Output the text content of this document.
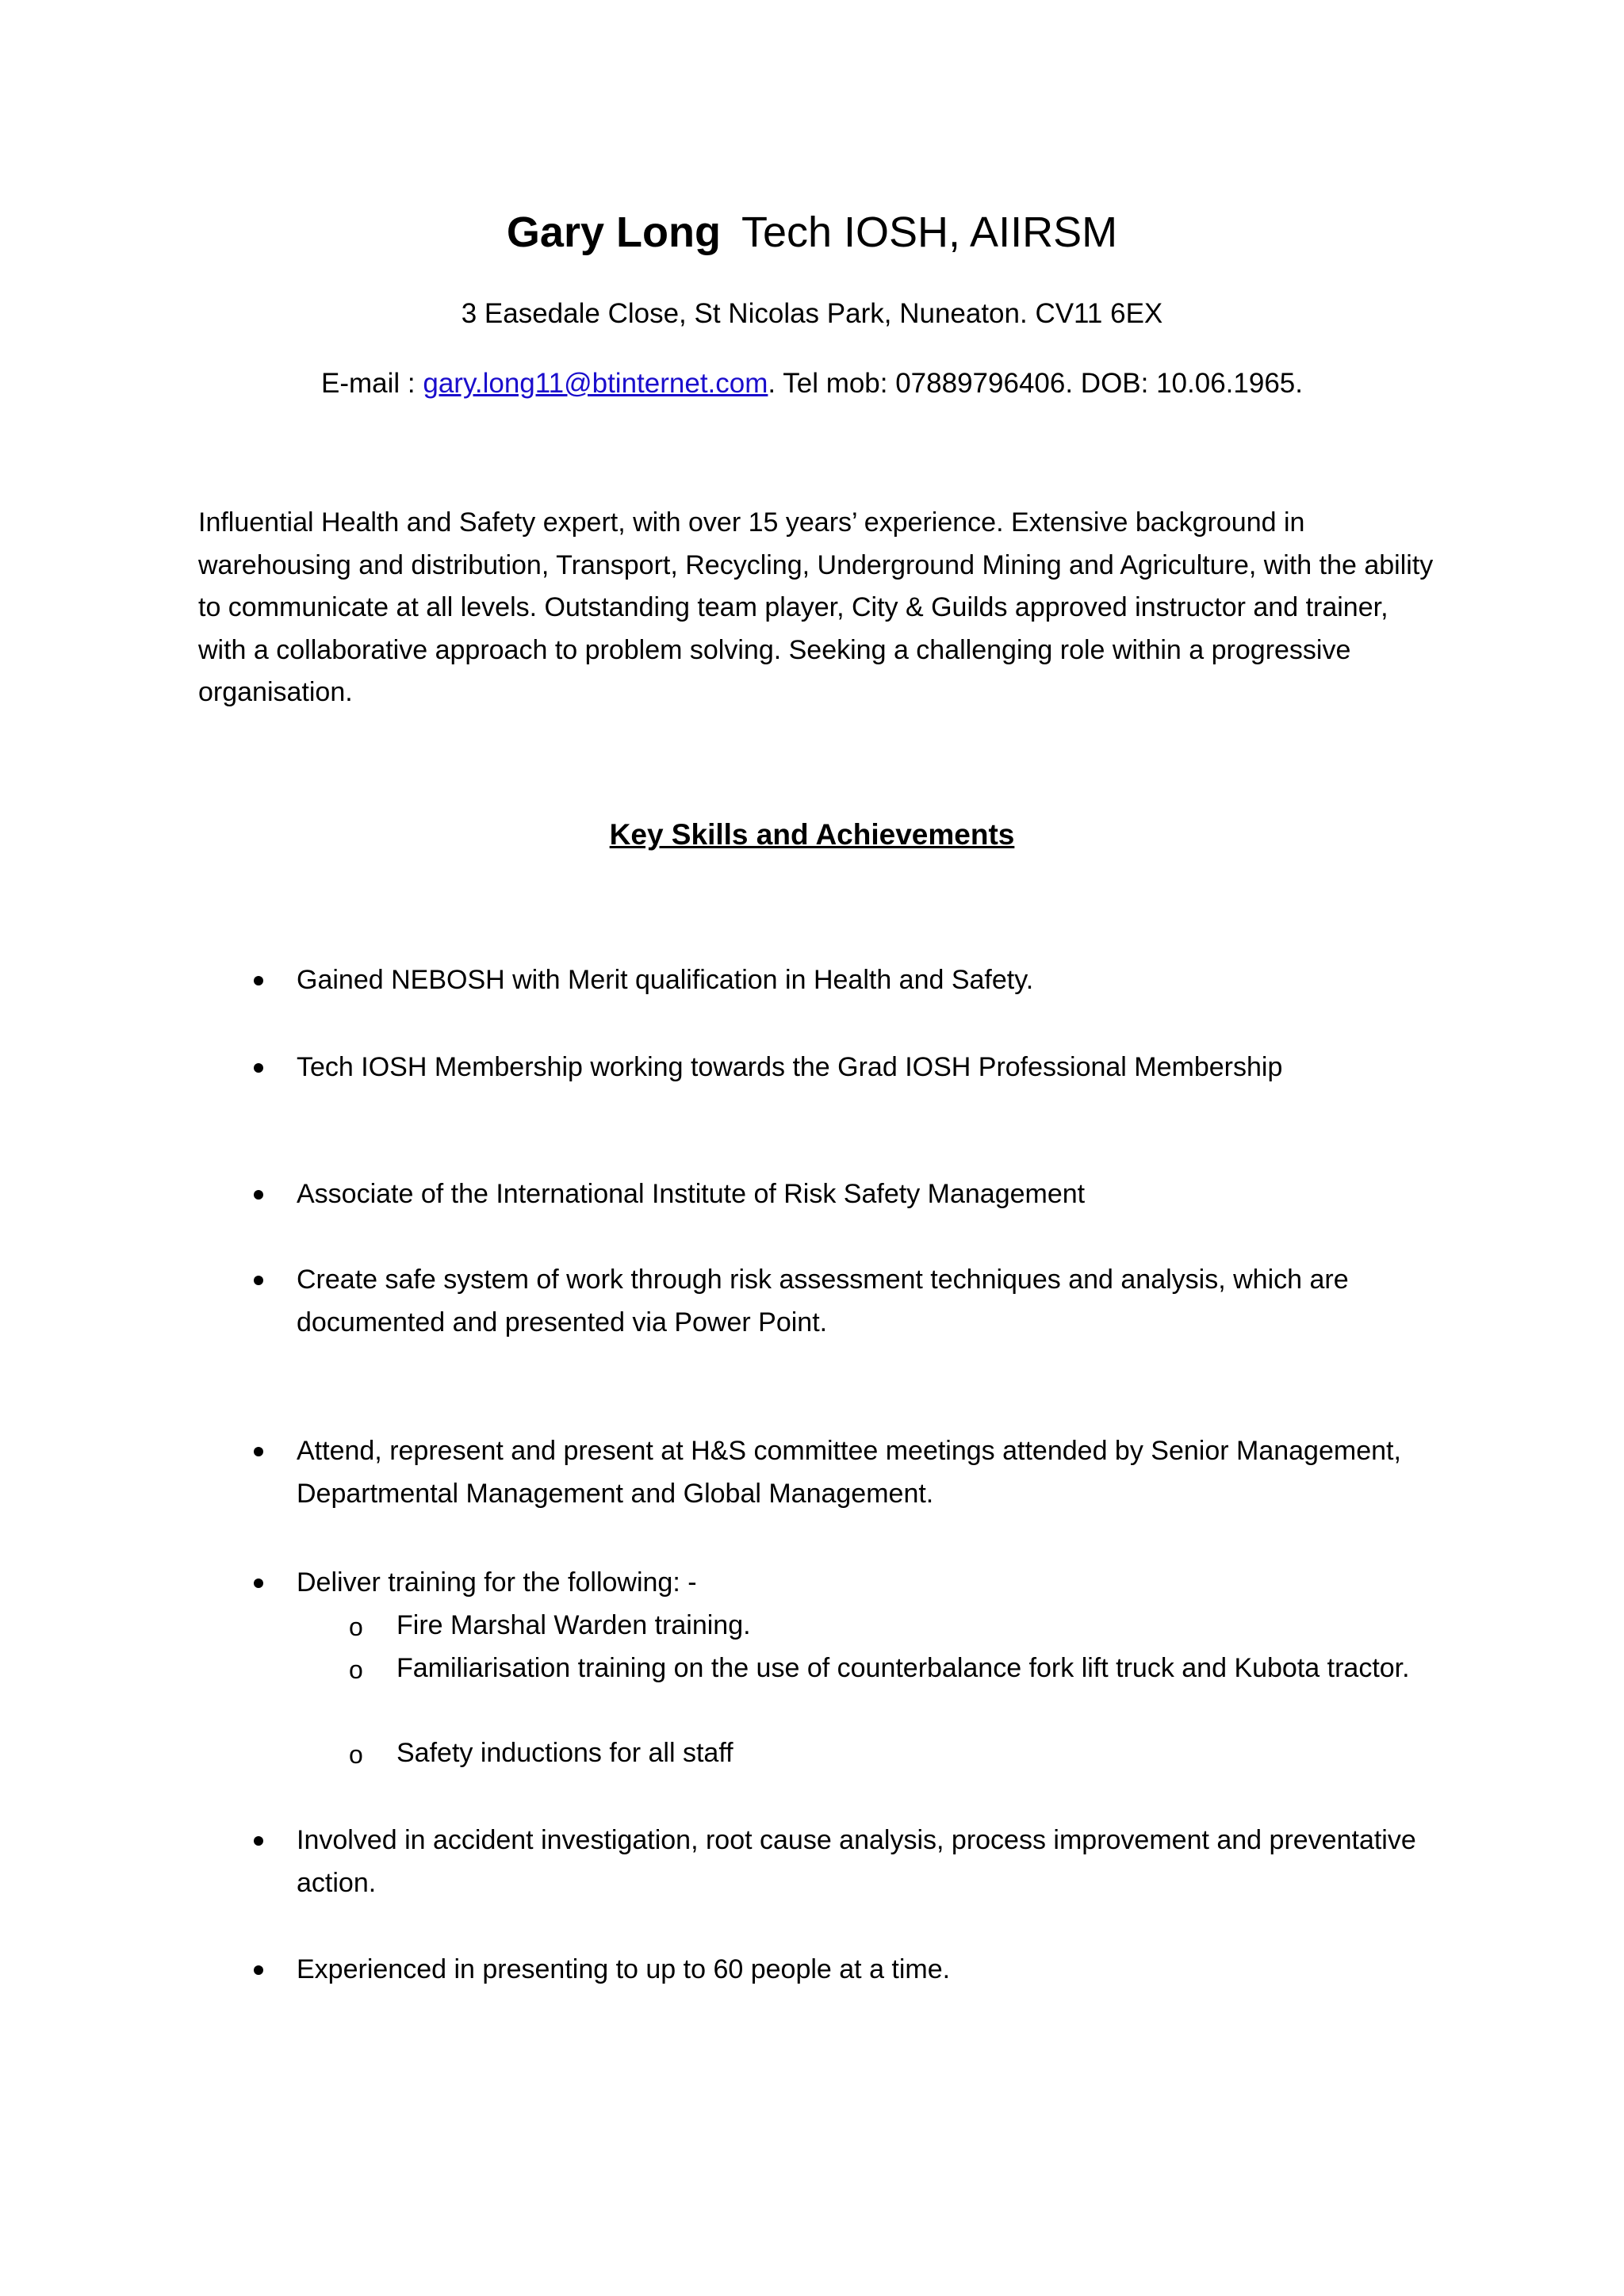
Gary Long Tech IOSH, AIIRSM
3 Easedale Close, St Nicolas Park, Nuneaton. CV11 6EX
E-mail : gary.long11@btinternet.com. Tel mob: 07889796406. DOB: 10.06.1965.
Influential Health and Safety expert, with over 15 years’ experience. Extensive background in warehousing and distribution, Transport, Recycling, Underground Mining and Agriculture, with the ability to communicate at all levels. Outstanding team player, City & Guilds approved instructor and trainer, with a collaborative approach to problem solving. Seeking a challenging role within a progressive organisation.
Key Skills and Achievements
Gained NEBOSH with Merit qualification in Health and Safety.
Tech IOSH Membership working towards the Grad IOSH Professional Membership
Associate of the International Institute of Risk Safety Management
Create safe system of work through risk assessment techniques and analysis, which are documented and presented via Power Point.
Attend, represent and present at H&S committee meetings attended by Senior Management, Departmental Management and Global Management.
Deliver training for the following: -
o Fire Marshal Warden training.
o Familiarisation training on the use of counterbalance fork lift truck and Kubota tractor.
o Safety inductions for all staff
Involved in accident investigation, root cause analysis, process improvement and preventative action.
Experienced in presenting to up to 60 people at a time.
